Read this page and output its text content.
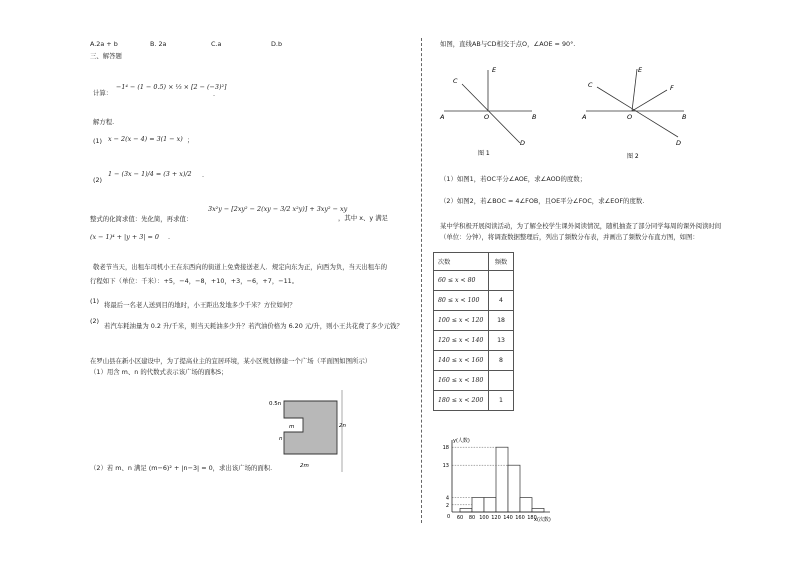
A.2a + b	B. 2a	C.a	D.b
三、解答题
计算：
−1⁴ − (1 − 0.5) × ⅓ × [2 − (−3)²]
.
解方程.
(1) x − 2(x − 4) = 3(1 − x) ；
(2)
1 − (3x − 1)/4 = (3 + x)/2 .
3x²y − [2xy² − 2(xy − 3/2 x²y)] + 3xy² − xy
整式的化简求值：先化简，再求值：	，其中 x、y 满足
(x − 1)⁴ + |y + 3| = 0 .
敬老节当天，出租车司机小王在东西向的街道上免费接送老人．规定向东为正，向西为负，当天出租车的
行程如下（单位：千米）：+5，−4，−8，+10，+3，−6，+7，−11。
(1) 将最后一名老人送到目的地时，小王距出发地多少千米？方位如何？
(2)
若汽车耗油量为 0.2 升/千米，则当天耗油多少升？若汽油价格为 6.20 元/升，则小王共花费了多少元钱？
在罗山县在新小区建设中，为了提高业主的宜居环境，某小区规划修建一个广场（平面图如图所示）
（1）用含 m、n 的代数式表示该广场的面积S；
（2）若 m、n 满足 (m−6)² + |n−3| = 0，求出该广场的面积.
0.5n
m
n
2n
2m
如图，直线AB与CD相交于点O，∠AOE = 90°.
A	B
C
D
E
O
图 1
A	B
C
D
E
F
O
图 2
（1）如图1，若OC平分∠AOE，求∠AOD的度数；
（2）如图2，若∠BOC = 4∠FOB，且OE平分∠FOC，求∠EOF的度数.
某中学积极开展阅读活动，为了解全校学生课外阅读情况，随机抽查了部分同学每周的课外阅读时间
（单位：分钟），将调查数据整理后，列出了频数分布表，并画出了频数分布直方图，如图：
次数	频数
60 ≤ x < 80	
80 ≤ x < 100	4
100 ≤ x < 120	18
120 ≤ x < 140	13
140 ≤ x < 160	8
160 ≤ x < 180	
180 ≤ x < 200	1
2
4
13
18
y(人数)
x(次数)
0 60 80 100 120 140 160 180
